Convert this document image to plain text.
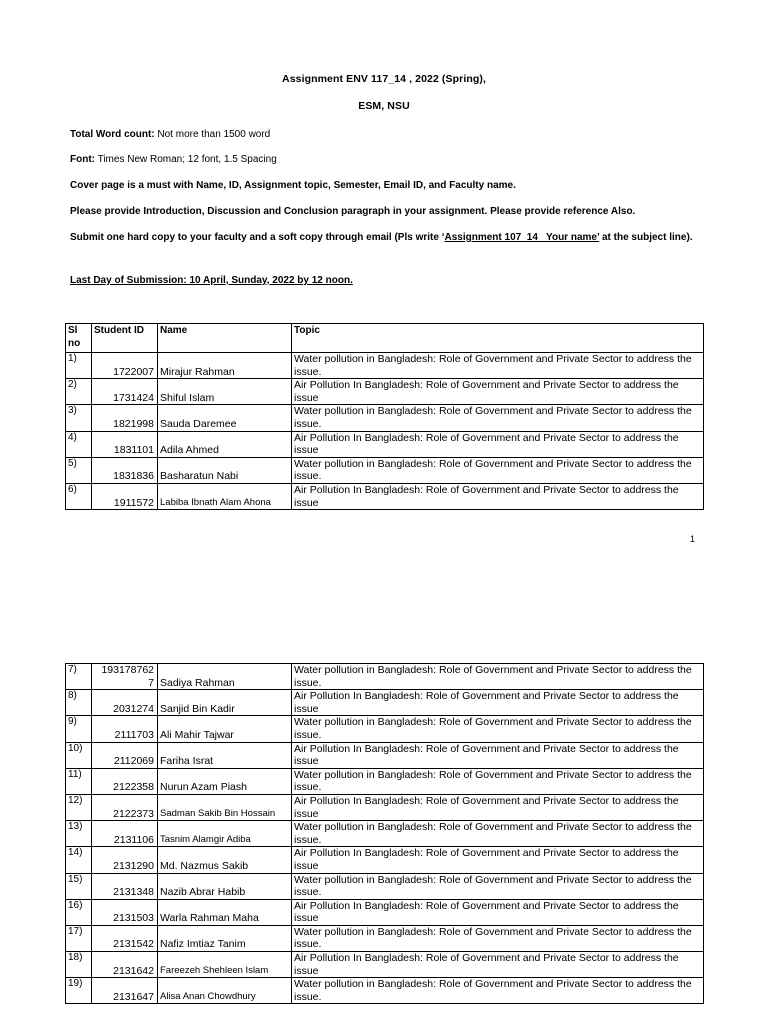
Assignment ENV 117_14 , 2022 (Spring),
ESM, NSU
Total Word count: Not more than 1500 word
Font: Times New Roman; 12 font, 1.5 Spacing
Cover page is a must with Name, ID, Assignment topic, Semester, Email ID, and Faculty name.
Please provide Introduction, Discussion and Conclusion paragraph in your assignment. Please provide reference Also.
Submit one hard copy to your faculty and a soft copy through email (Pls write ‘Assignment 107_14_ Your name’ at the subject line).
Last Day of Submission: 10 April, Sunday, 2022 by 12 noon.
Sl no	Student ID	Name	Topic
1)	1722007	Mirajur Rahman	Water pollution in Bangladesh: Role of Government and Private Sector to address the issue.
2)	1731424	Shiful Islam	Air Pollution In Bangladesh: Role of Government and Private Sector to address the issue
3)	1821998	Sauda Daremee	Water pollution in Bangladesh: Role of Government and Private Sector to address the issue.
4)	1831101	Adila Ahmed	Air Pollution In Bangladesh: Role of Government and Private Sector to address the issue
5)	1831836	Basharatun Nabi	Water pollution in Bangladesh: Role of Government and Private Sector to address the issue.
6)	1911572	Labiba Ibnath Alam Ahona	Air Pollution In Bangladesh: Role of Government and Private Sector to address the issue
1
7)	193178762 7	Sadiya Rahman	Water pollution in Bangladesh: Role of Government and Private Sector to address the issue.
8)	2031274	Sanjid Bin Kadir	Air Pollution In Bangladesh: Role of Government and Private Sector to address the issue
9)	2111703	Ali Mahir Tajwar	Water pollution in Bangladesh: Role of Government and Private Sector to address the issue.
10)	2112069	Fariha Israt	Air Pollution In Bangladesh: Role of Government and Private Sector to address the issue
11)	2122358	Nurun Azam Piash	Water pollution in Bangladesh: Role of Government and Private Sector to address the issue.
12)	2122373	Sadman Sakib Bin Hossain	Air Pollution In Bangladesh: Role of Government and Private Sector to address the issue
13)	2131106	Tasnim Alamgir Adiba	Water pollution in Bangladesh: Role of Government and Private Sector to address the issue.
14)	2131290	Md. Nazmus Sakib	Air Pollution In Bangladesh: Role of Government and Private Sector to address the issue
15)	2131348	Nazib Abrar Habib	Water pollution in Bangladesh: Role of Government and Private Sector to address the issue.
16)	2131503	Warla Rahman Maha	Air Pollution In Bangladesh: Role of Government and Private Sector to address the issue
17)	2131542	Nafiz Imtiaz Tanim	Water pollution in Bangladesh: Role of Government and Private Sector to address the issue.
18)	2131642	Fareezeh Shehleen Islam	Air Pollution In Bangladesh: Role of Government and Private Sector to address the issue
19)	2131647	Alisa Anan Chowdhury	Water pollution in Bangladesh: Role of Government and Private Sector to address the issue.
